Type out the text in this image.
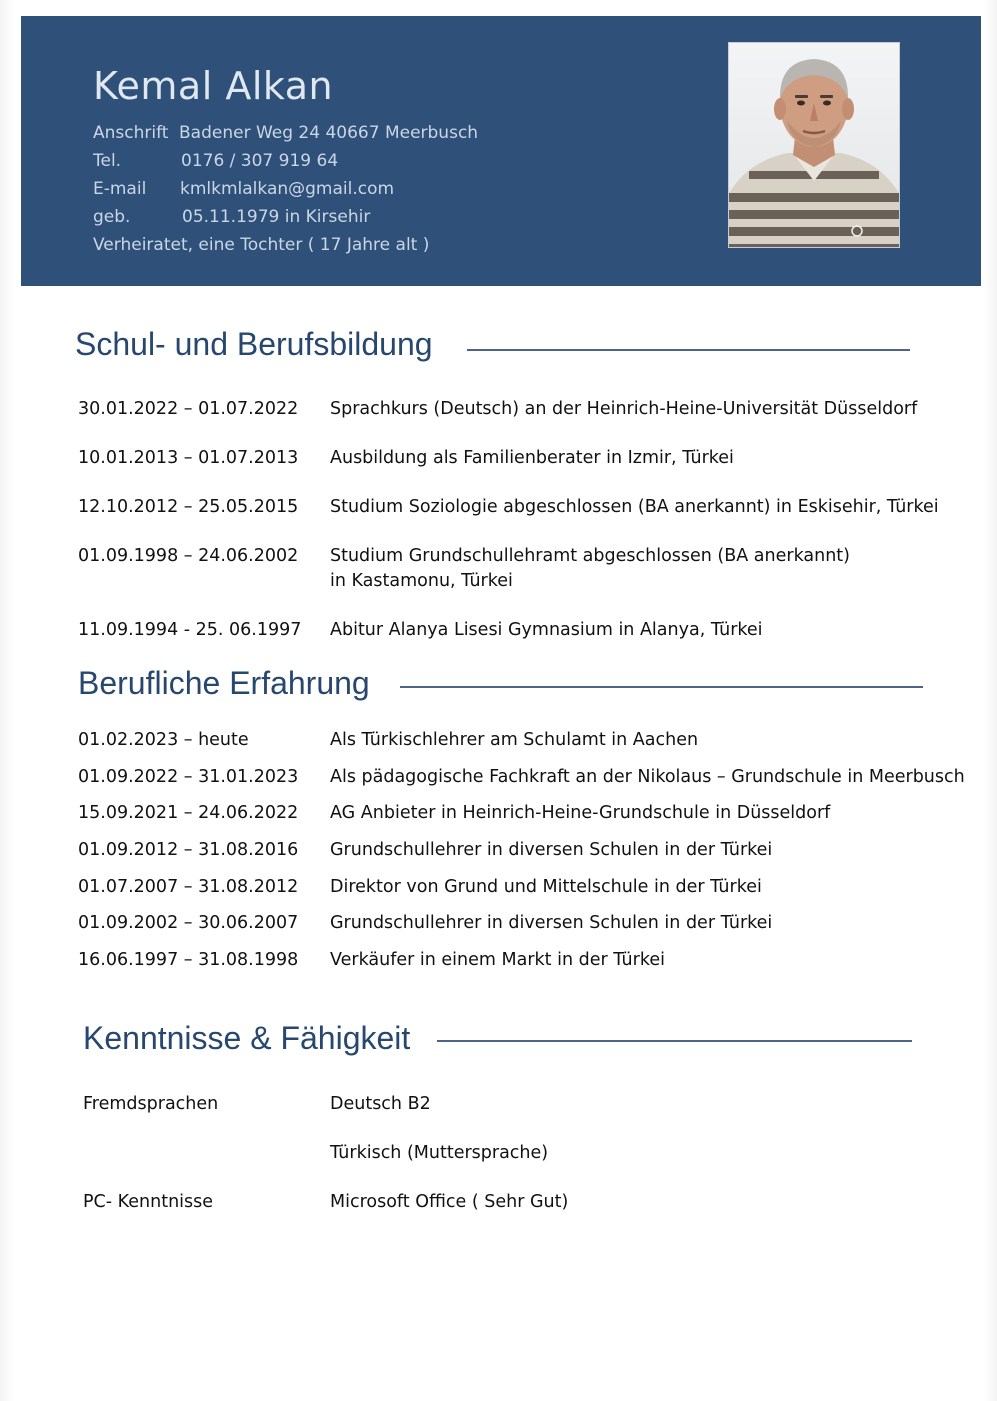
Kemal Alkan
Anschrift Badener Weg 24 40667 Meerbusch
Tel.	0176 / 307 919 64
E-mail kmlkmlalkan@gmail.com
geb.	05.11.1979 in Kirsehir
Verheiratet, eine Tochter ( 17 Jahre alt )
Schul- und Berufsbildung
30.01.2022 – 01.07.2022 Sprachkurs (Deutsch) an der Heinrich-Heine-Universität Düsseldorf
10.01.2013 – 01.07.2013 Ausbildung als Familienberater in Izmir, Türkei
12.10.2012 – 25.05.2015 Studium Soziologie abgeschlossen (BA anerkannt) in Eskisehir, Türkei
01.09.1998 – 24.06.2002 Studium Grundschullehramt abgeschlossen (BA anerkannt)
in Kastamonu, Türkei
11.09.1994 - 25. 06.1997 Abitur Alanya Lisesi Gymnasium in Alanya, Türkei
Berufliche Erfahrung
01.02.2023 – heute	Als Türkischlehrer am Schulamt in Aachen
01.09.2022 – 31.01.2023 Als pädagogische Fachkraft an der Nikolaus – Grundschule in Meerbusch
15.09.2021 – 24.06.2022 AG Anbieter in Heinrich-Heine-Grundschule in Düsseldorf
01.09.2012 – 31.08.2016 Grundschullehrer in diversen Schulen in der Türkei
01.07.2007 – 31.08.2012 Direktor von Grund und Mittelschule in der Türkei
01.09.2002 – 30.06.2007 Grundschullehrer in diversen Schulen in der Türkei
16.06.1997 – 31.08.1998 Verkäufer in einem Markt in der Türkei
Kenntnisse & Fähigkeit
Fremdsprachen	Deutsch B2
Türkisch (Muttersprache)
PC- Kenntnisse	Microsoft Office ( Sehr Gut)
